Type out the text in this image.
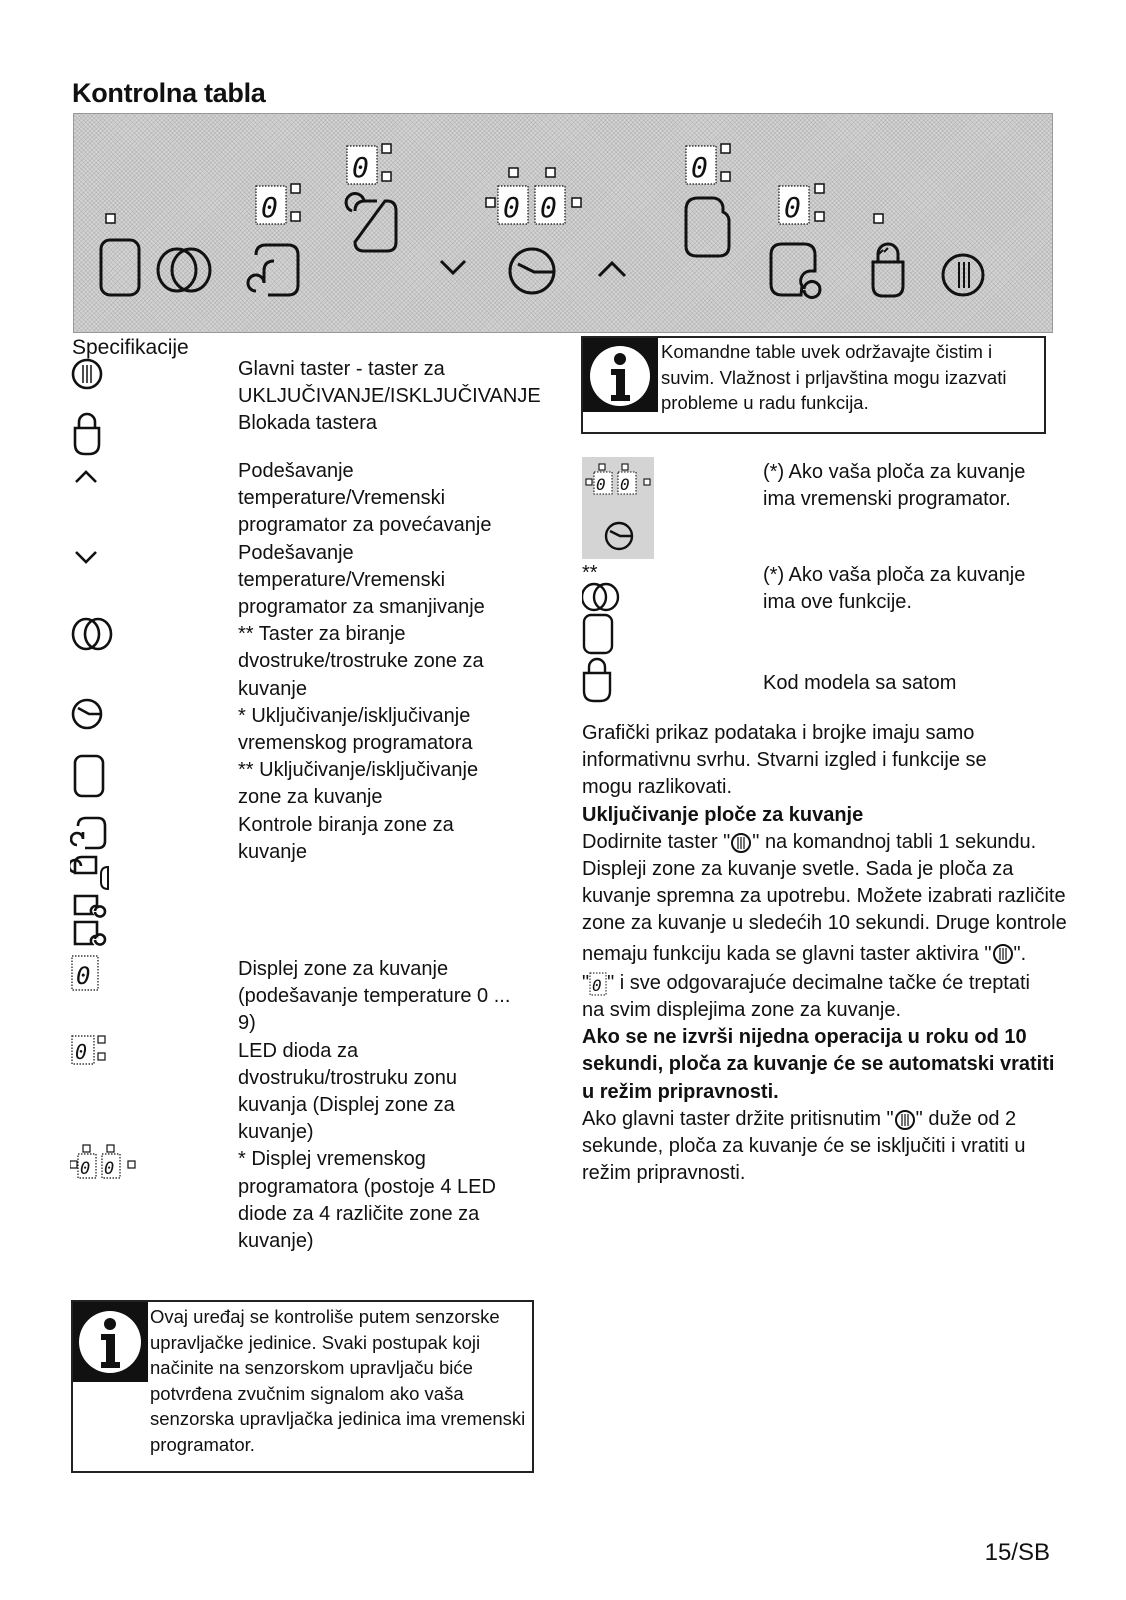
Kontrolna tabla
0
0
0 0
0
0
Specifikacije
0
0
0 0
Glavni taster - taster za
UKLJUČIVANJE/ISKLJUČIVANJE
Blokada tastera
Podešavanje
temperature/Vremenski
programator za povećavanje
Podešavanje
temperature/Vremenski
programator za smanjivanje
** Taster za biranje
dvostruke/trostruke zone za
kuvanje
* Uključivanje/isključivanje
vremenskog programatora
** Uključivanje/isključivanje
zone za kuvanje
Kontrole biranja zone za
kuvanje
Displej zone za kuvanje
(podešavanje temperature 0 ...
9)
LED dioda za
dvostruku/trostruku zonu
kuvanja (Displej zone za
kuvanje)
* Displej vremenskog
programatora (postoje 4 LED
diode za 4 različite zone za
kuvanje)
Komandne table uvek održavajte čistim i
suvim. Vlažnost i prljavština mogu izazvati
probleme u radu funkcija.
0 0
**
(*) Ako vaša ploča za kuvanje
ima vremenski programator.
(*) Ako vaša ploča za kuvanje
ima ove funkcije.
Kod modela sa satom
Grafički prikaz podataka i brojke imaju samo
informativnu svrhu. Stvarni izgled i funkcije se
mogu razlikovati.
Uključivanje ploče za kuvanje
Dodirnite taster " " na komandnoj tabli 1 sekundu.
Displeji zone za kuvanje svetle. Sada je ploča za
kuvanje spremna za upotrebu. Možete izabrati različite
zone za kuvanje u sledećih 10 sekundi. Druge kontrole
nemaju funkciju kada se glavni taster aktivira " ".
" 0 " i sve odgovarajuće decimalne tačke će treptati
na svim displejima zone za kuvanje.
Ako se ne izvrši nijedna operacija u roku od 10
sekundi, ploča za kuvanje će se automatski vratiti
u režim pripravnosti.
Ako glavni taster držite pritisnutim " " duže od 2
sekunde, ploča za kuvanje će se isključiti i vratiti u
režim pripravnosti.
Ovaj uređaj se kontroliše putem senzorske
upravljačke jedinice. Svaki postupak koji
načinite na senzorskom upravljaču biće
potvrđena zvučnim signalom ako vaša
senzorska upravljačka jedinica ima vremenski
programator.
15/SB
